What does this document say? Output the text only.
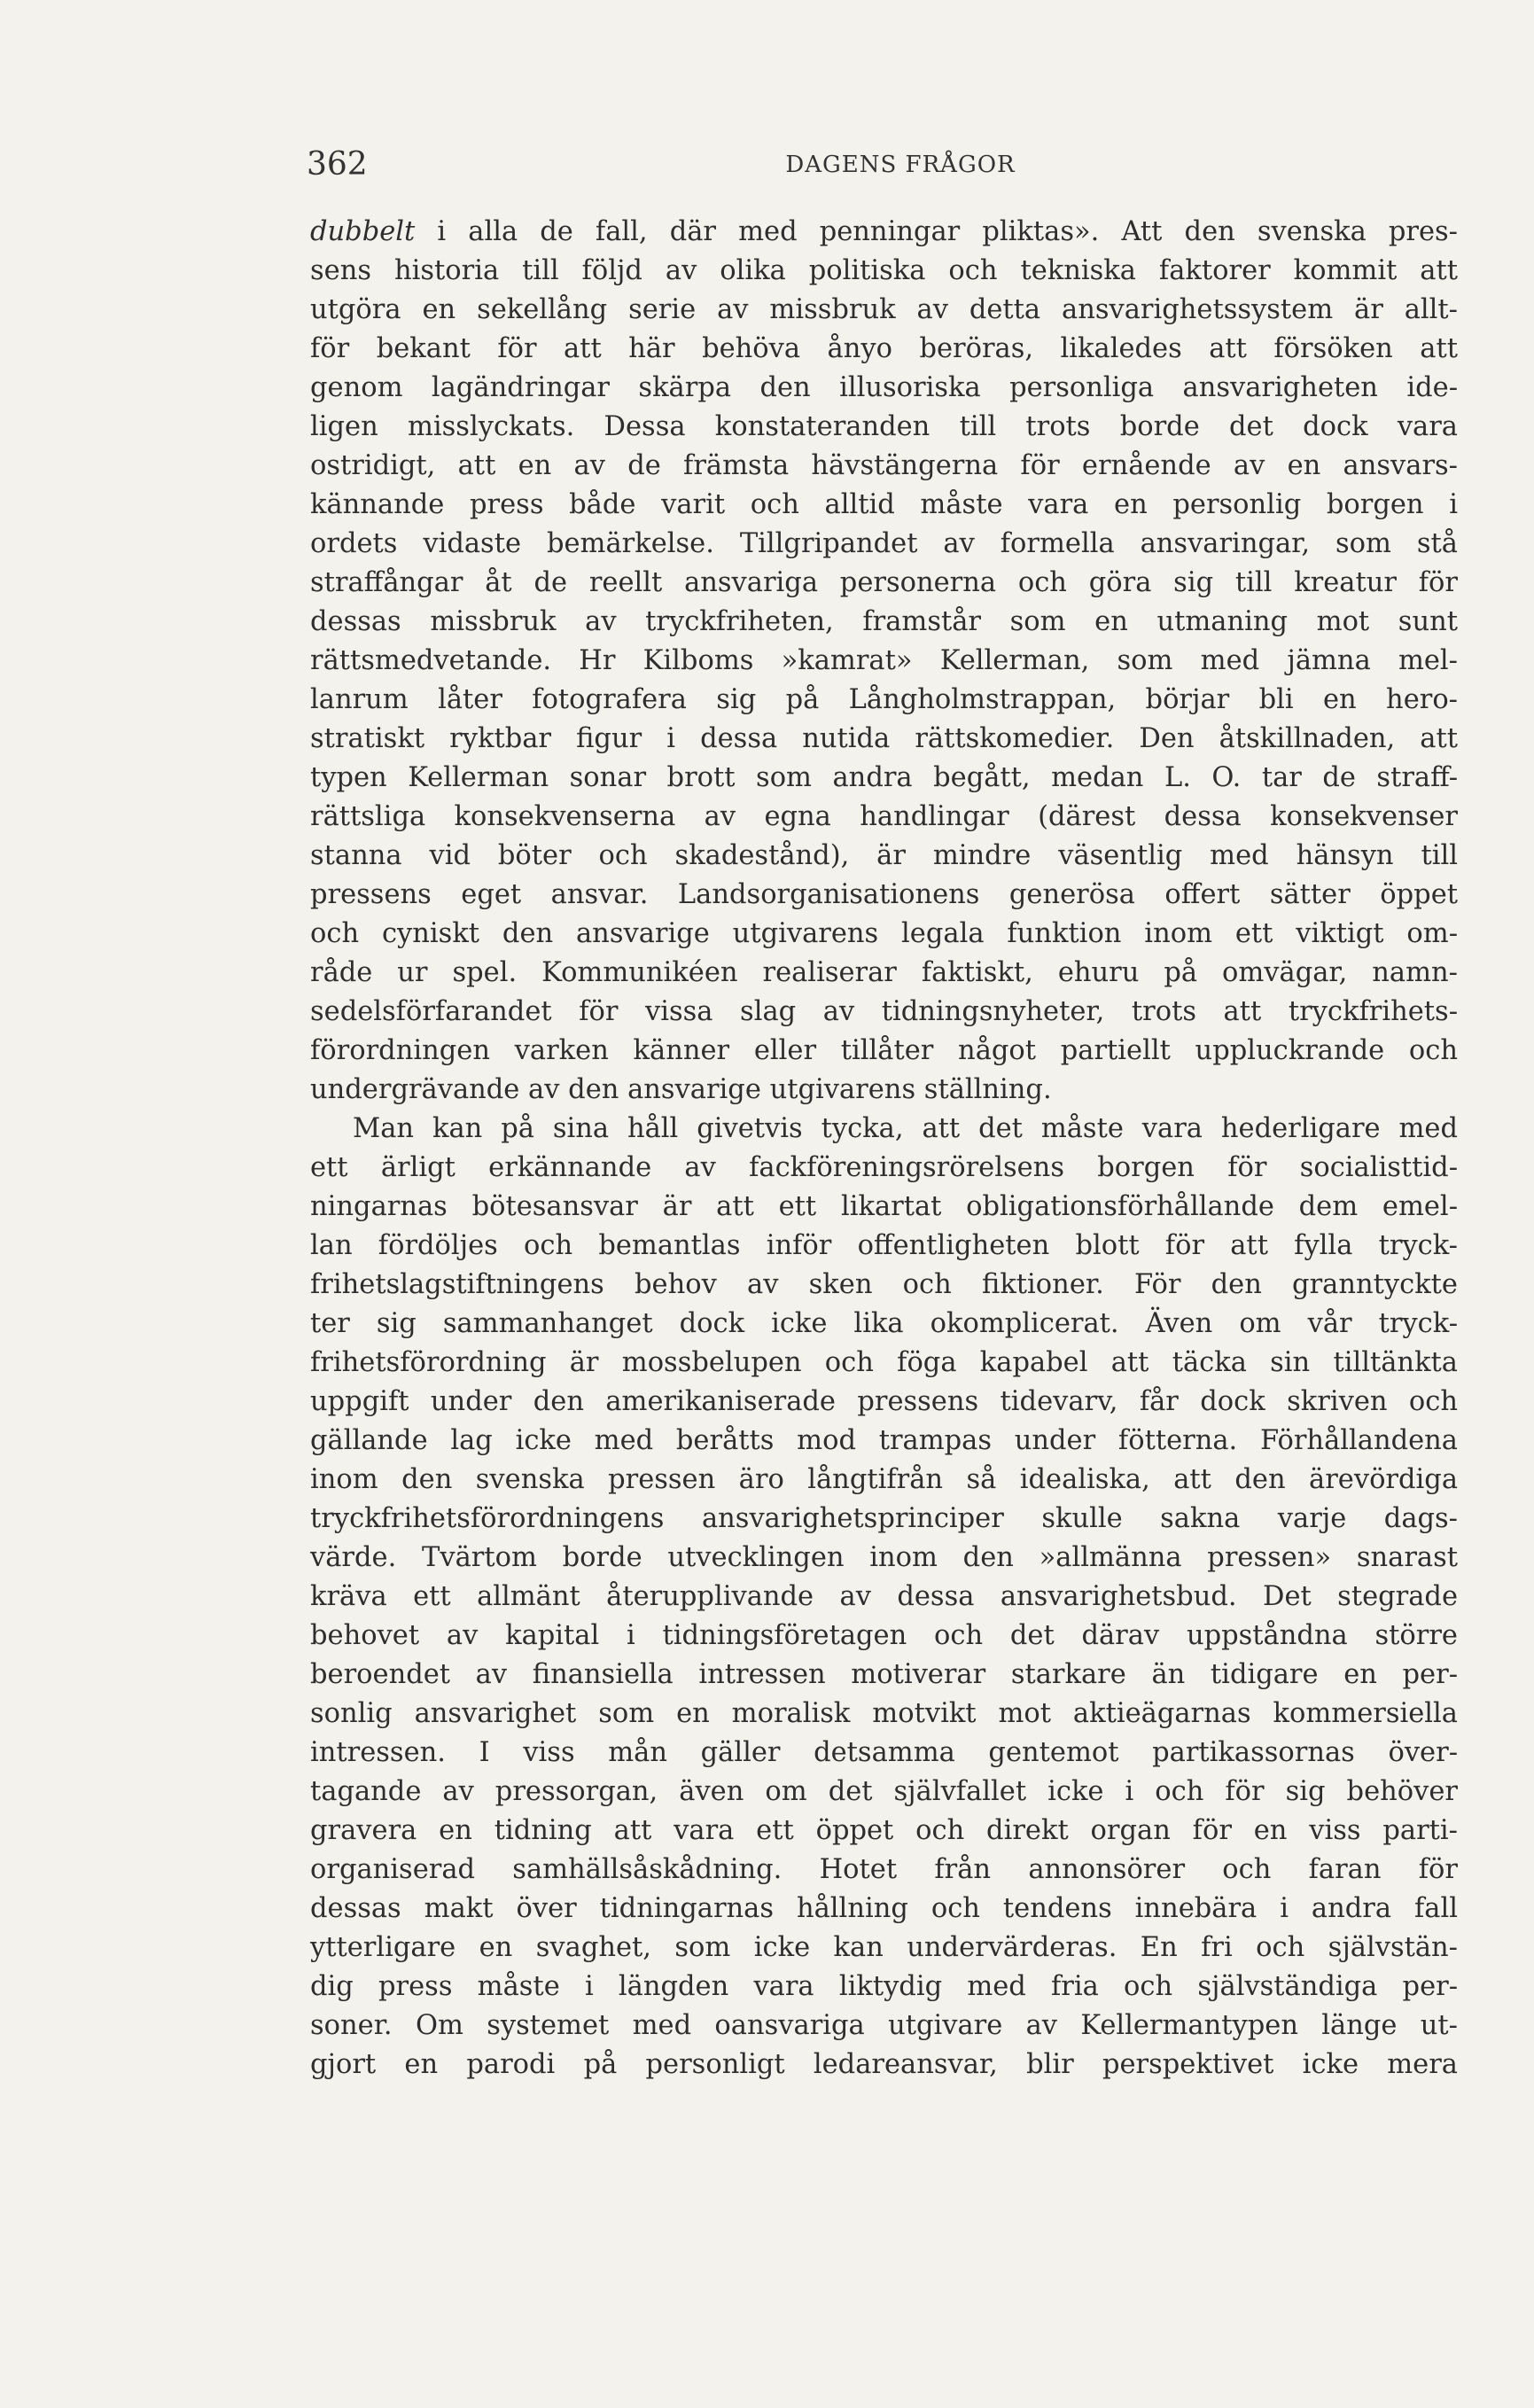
362	DAGENS FRÅGOR
dubbelt i alla de fall, där med penningar pliktas». Att den svenska pres-
sens historia till följd av olika politiska och tekniska faktorer kommit att
utgöra en sekellång serie av missbruk av detta ansvarighetssystem är allt-
för bekant för att här behöva ånyo beröras, likaledes att försöken att
genom lagändringar skärpa den illusoriska personliga ansvarigheten ide-
ligen misslyckats. Dessa konstateranden till trots borde det dock vara
ostridigt, att en av de främsta hävstängerna för ernående av en ansvars-
kännande press både varit och alltid måste vara en personlig borgen i
ordets vidaste bemärkelse. Tillgripandet av formella ansvaringar, som stå
straffångar åt de reellt ansvariga personerna och göra sig till kreatur för
dessas missbruk av tryckfriheten, framstår som en utmaning mot sunt
rättsmedvetande. Hr Kilboms »kamrat» Kellerman, som med jämna mel-
lanrum låter fotografera sig på Långholmstrappan, börjar bli en hero-
stratiskt ryktbar figur i dessa nutida rättskomedier. Den åtskillnaden, att
typen Kellerman sonar brott som andra begått, medan L. O. tar de straff-
rättsliga konsekvenserna av egna handlingar (därest dessa konsekvenser
stanna vid böter och skadestånd), är mindre väsentlig med hänsyn till
pressens eget ansvar. Landsorganisationens generösa offert sätter öppet
och cyniskt den ansvarige utgivarens legala funktion inom ett viktigt om-
råde ur spel. Kommunikéen realiserar faktiskt, ehuru på omvägar, namn-
sedelsförfarandet för vissa slag av tidningsnyheter, trots att tryckfrihets-
förordningen varken känner eller tillåter något partiellt uppluckrande och
undergrävande av den ansvarige utgivarens ställning.
Man kan på sina håll givetvis tycka, att det måste vara hederligare med
ett ärligt erkännande av fackföreningsrörelsens borgen för socialisttid-
ningarnas bötesansvar är att ett likartat obligationsförhållande dem emel-
lan fördöljes och bemantlas inför offentligheten blott för att fylla tryck-
frihetslagstiftningens behov av sken och fiktioner. För den granntyckte
ter sig sammanhanget dock icke lika okomplicerat. Även om vår tryck-
frihetsförordning är mossbelupen och föga kapabel att täcka sin tilltänkta
uppgift under den amerikaniserade pressens tidevarv, får dock skriven och
gällande lag icke med beråtts mod trampas under fötterna. Förhållandena
inom den svenska pressen äro långtifrån så idealiska, att den ärevördiga
tryckfrihetsförordningens ansvarighetsprinciper skulle sakna varje dags-
värde. Tvärtom borde utvecklingen inom den »allmänna pressen» snarast
kräva ett allmänt återupplivande av dessa ansvarighetsbud. Det stegrade
behovet av kapital i tidningsföretagen och det därav uppståndna större
beroendet av finansiella intressen motiverar starkare än tidigare en per-
sonlig ansvarighet som en moralisk motvikt mot aktieägarnas kommersiella
intressen. I viss mån gäller detsamma gentemot partikassornas över-
tagande av pressorgan, även om det självfallet icke i och för sig behöver
gravera en tidning att vara ett öppet och direkt organ för en viss parti-
organiserad samhällsåskådning. Hotet från annonsörer och faran för
dessas makt över tidningarnas hållning och tendens innebära i andra fall
ytterligare en svaghet, som icke kan undervärderas. En fri och självstän-
dig press måste i längden vara liktydig med fria och självständiga per-
soner. Om systemet med oansvariga utgivare av Kellermantypen länge ut-
gjort en parodi på personligt ledareansvar, blir perspektivet icke mera
